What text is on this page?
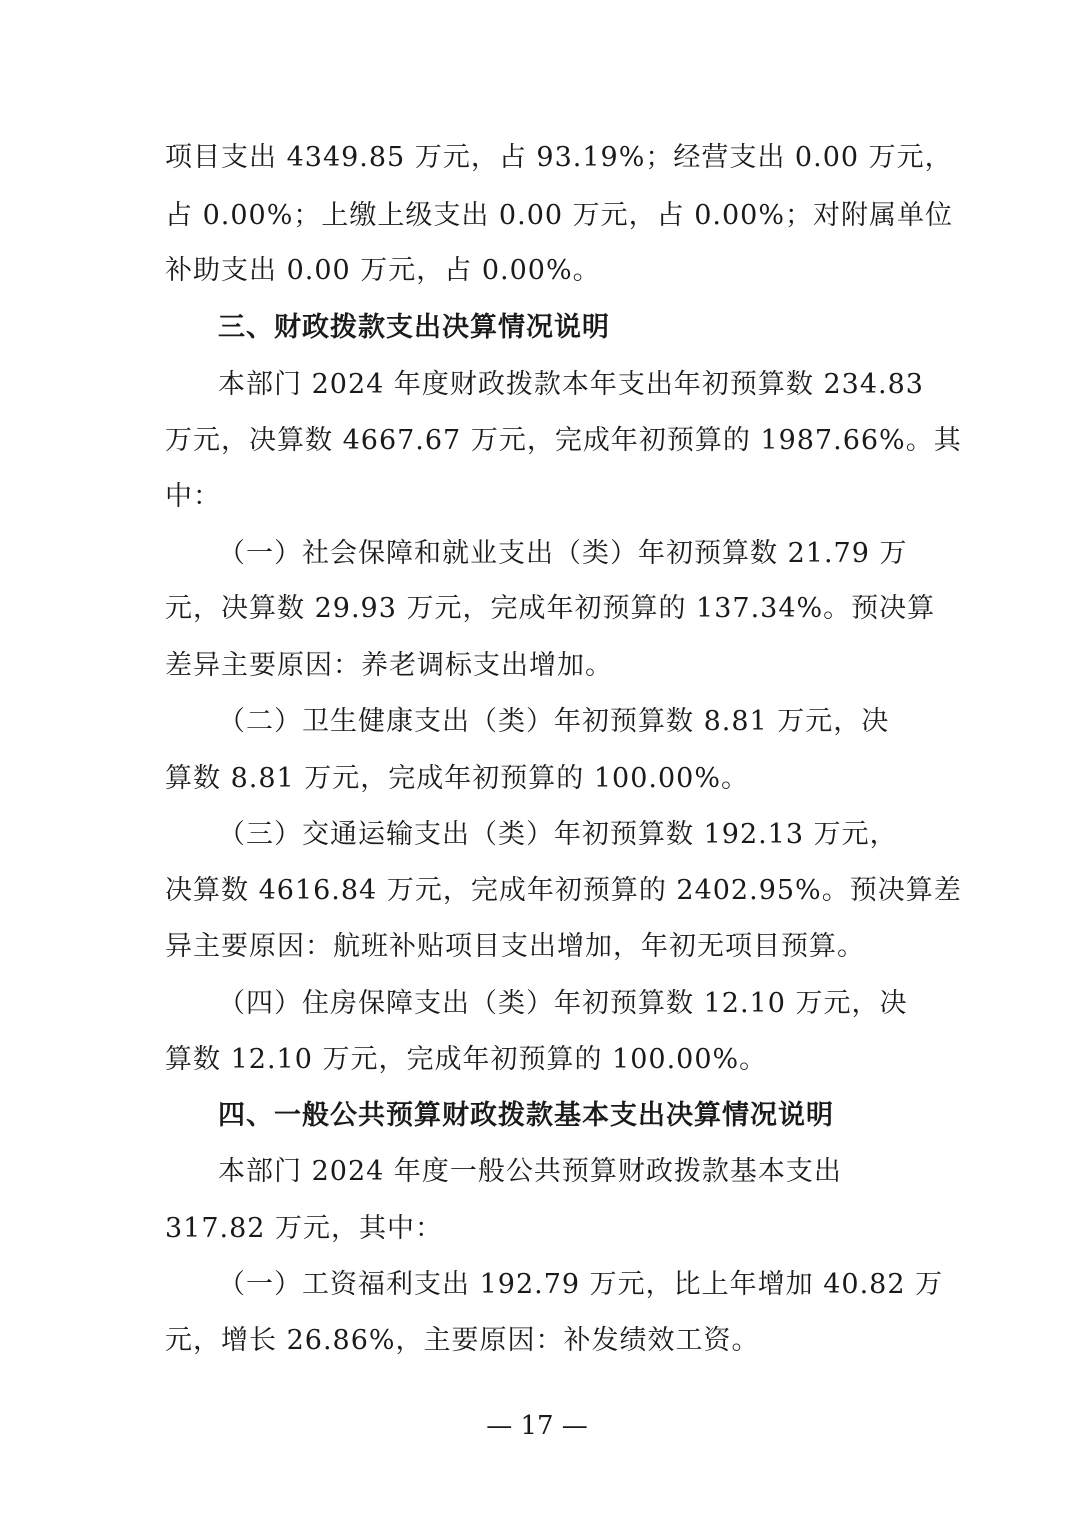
项目支出 4349.85 万元，占 93.19%；经营支出 0.00 万元，
占 0.00%；上缴上级支出 0.00 万元，占 0.00%；对附属单位
补助支出 0.00 万元，占 0.00%。
三、财政拨款支出决算情况说明
本部门 2024 年度财政拨款本年支出年初预算数 234.83
万元，决算数 4667.67 万元，完成年初预算的 1987.66%。其
中：
（一）社会保障和就业支出（类）年初预算数 21.79 万
元，决算数 29.93 万元，完成年初预算的 137.34%。预决算
差异主要原因：养老调标支出增加。
（二）卫生健康支出（类）年初预算数 8.81 万元，决
算数 8.81 万元，完成年初预算的 100.00%。
（三）交通运输支出（类）年初预算数 192.13 万元，
决算数 4616.84 万元，完成年初预算的 2402.95%。预决算差
异主要原因：航班补贴项目支出增加，年初无项目预算。
（四）住房保障支出（类）年初预算数 12.10 万元，决
算数 12.10 万元，完成年初预算的 100.00%。
四、一般公共预算财政拨款基本支出决算情况说明
本部门 2024 年度一般公共预算财政拨款基本支出
317.82 万元，其中：
（一）工资福利支出 192.79 万元，比上年增加 40.82 万
元，增长 26.86%，主要原因：补发绩效工资。
— 17 —
